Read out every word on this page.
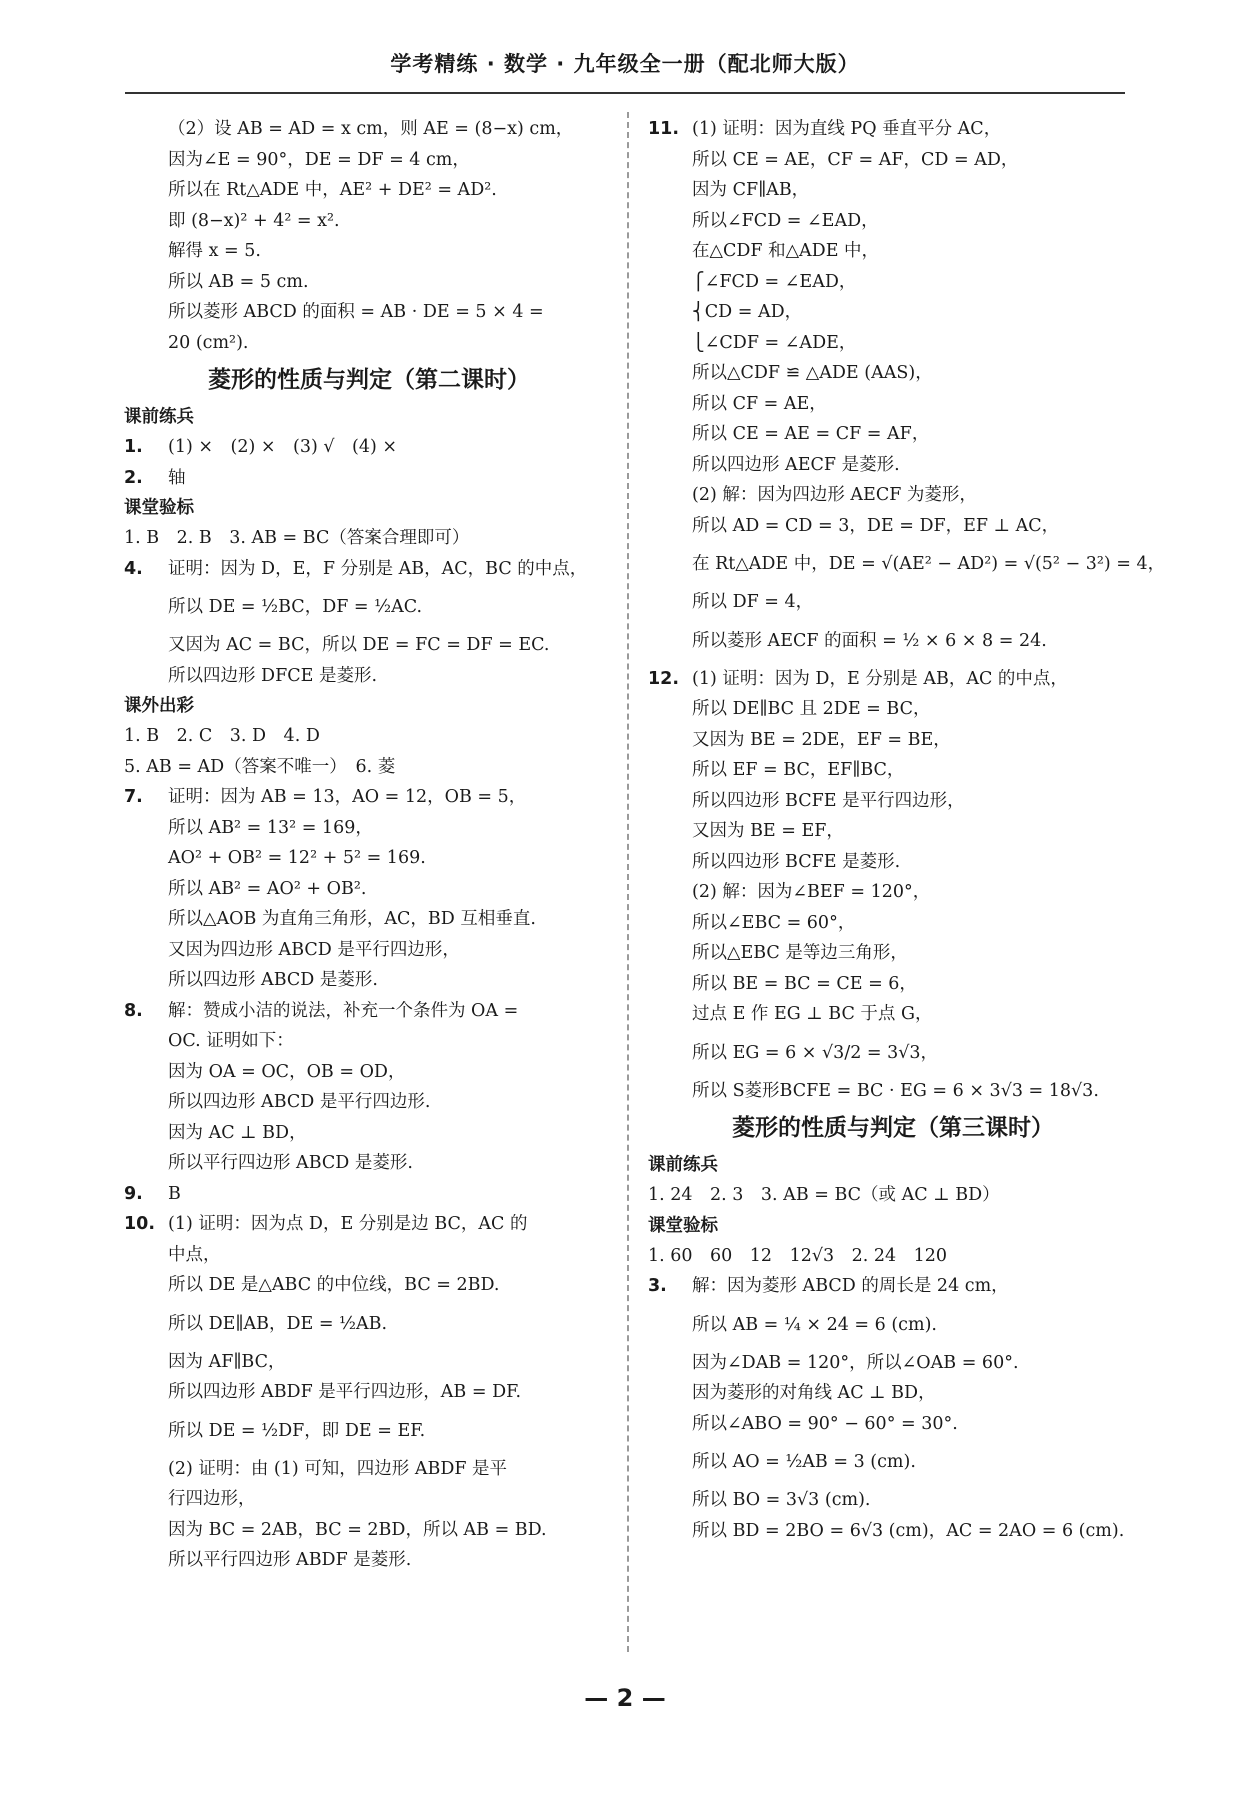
学考精练 · 数学 · 九年级全一册（配北师大版）
（2）设 AB = AD = x cm，则 AE = (8−x) cm，
因为∠E = 90°，DE = DF = 4 cm，
所以在 Rt△ADE 中，AE² + DE² = AD².
即 (8−x)² + 4² = x².
解得 x = 5.
所以 AB = 5 cm.
所以菱形 ABCD 的面积 = AB · DE = 5 × 4 =
20 (cm²).
菱形的性质与判定（第二课时）
课前练兵
1. (1) ×　(2) ×　(3) √　(4) ×
2. 轴
课堂验标
1. B　2. B　3. AB = BC（答案合理即可）
4. 证明：因为 D，E，F 分别是 AB，AC，BC 的中点，
所以 DE = ½BC，DF = ½AC.
又因为 AC = BC，所以 DE = FC = DF = EC.
所以四边形 DFCE 是菱形.
课外出彩
1. B　2. C　3. D　4. D
5. AB = AD（答案不唯一）　6. 菱
7. 证明：因为 AB = 13，AO = 12，OB = 5，
所以 AB² = 13² = 169，
AO² + OB² = 12² + 5² = 169.
所以 AB² = AO² + OB².
所以△AOB 为直角三角形，AC，BD 互相垂直.
又因为四边形 ABCD 是平行四边形，
所以四边形 ABCD 是菱形.
8. 解：赞成小洁的说法，补充一个条件为 OA =
OC. 证明如下：
因为 OA = OC，OB = OD，
所以四边形 ABCD 是平行四边形.
因为 AC ⊥ BD，
所以平行四边形 ABCD 是菱形.
9. B
10. (1) 证明：因为点 D，E 分别是边 BC，AC 的
中点，
所以 DE 是△ABC 的中位线，BC = 2BD.
所以 DE∥AB，DE = ½AB.
因为 AF∥BC，
所以四边形 ABDF 是平行四边形，AB = DF.
所以 DE = ½DF，即 DE = EF.
(2) 证明：由 (1) 可知，四边形 ABDF 是平
行四边形，
因为 BC = 2AB，BC = 2BD，所以 AB = BD.
所以平行四边形 ABDF 是菱形.
11. (1) 证明：因为直线 PQ 垂直平分 AC，
所以 CE = AE，CF = AF，CD = AD，
因为 CF∥AB，
所以∠FCD = ∠EAD，
在△CDF 和△ADE 中，
⎧∠FCD = ∠EAD，
⎨CD = AD，
⎩∠CDF = ∠ADE，
所以△CDF ≌ △ADE (AAS)，
所以 CF = AE，
所以 CE = AE = CF = AF，
所以四边形 AECF 是菱形.
(2) 解：因为四边形 AECF 为菱形，
所以 AD = CD = 3，DE = DF，EF ⊥ AC，
在 Rt△ADE 中，DE = √(AE² − AD²) = √(5² − 3²) = 4，
所以 DF = 4，
所以菱形 AECF 的面积 = ½ × 6 × 8 = 24.
12. (1) 证明：因为 D，E 分别是 AB，AC 的中点，
所以 DE∥BC 且 2DE = BC，
又因为 BE = 2DE，EF = BE，
所以 EF = BC，EF∥BC，
所以四边形 BCFE 是平行四边形，
又因为 BE = EF，
所以四边形 BCFE 是菱形.
(2) 解：因为∠BEF = 120°，
所以∠EBC = 60°，
所以△EBC 是等边三角形，
所以 BE = BC = CE = 6，
过点 E 作 EG ⊥ BC 于点 G，
所以 EG = 6 × √3/2 = 3√3，
所以 S菱形BCFE = BC · EG = 6 × 3√3 = 18√3.
菱形的性质与判定（第三课时）
课前练兵
1. 24　2. 3　3. AB = BC（或 AC ⊥ BD）
课堂验标
1. 60　60　12　12√3　2. 24　120
3. 解：因为菱形 ABCD 的周长是 24 cm，
所以 AB = ¼ × 24 = 6 (cm).
因为∠DAB = 120°，所以∠OAB = 60°.
因为菱形的对角线 AC ⊥ BD，
所以∠ABO = 90° − 60° = 30°.
所以 AO = ½AB = 3 (cm).
所以 BO = 3√3 (cm).
所以 BD = 2BO = 6√3 (cm)，AC = 2AO = 6 (cm).
— 2 —
